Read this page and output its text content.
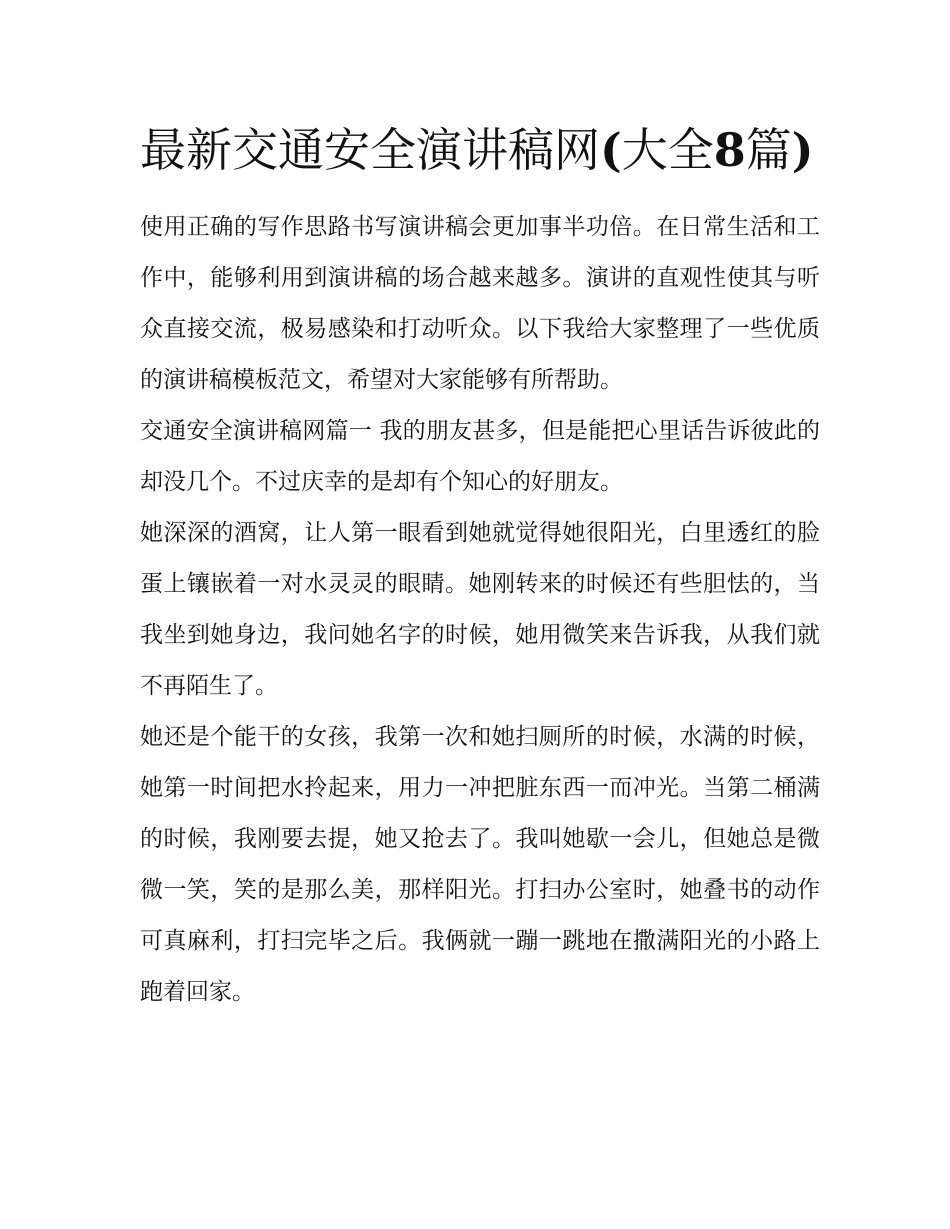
最新交通安全演讲稿网(大全8篇)

使用正确的写作思路书写演讲稿会更加事半功倍。在日常生活和工作中，能够利用到演讲稿的场合越来越多。演讲的直观性使其与听众直接交流，极易感染和打动听众。以下我给大家整理了一些优质的演讲稿模板范文，希望对大家能够有所帮助。

交通安全演讲稿网篇一 我的朋友甚多，但是能把心里话告诉彼此的却没几个。不过庆幸的是却有个知心的好朋友。

她深深的酒窝，让人第一眼看到她就觉得她很阳光，白里透红的脸蛋上镶嵌着一对水灵灵的眼睛。她刚转来的时候还有些胆怯的，当我坐到她身边，我问她名字的时候，她用微笑来告诉我，从我们就不再陌生了。

她还是个能干的女孩，我第一次和她扫厕所的时候，水满的时候，她第一时间把水拎起来，用力一冲把脏东西一而冲光。当第二桶满的时候，我刚要去提，她又抢去了。我叫她歇一会儿，但她总是微微一笑，笑的是那么美，那样阳光。打扫办公室时，她叠书的动作可真麻利，打扫完毕之后。我俩就一蹦一跳地在撒满阳光的小路上跑着回家。
